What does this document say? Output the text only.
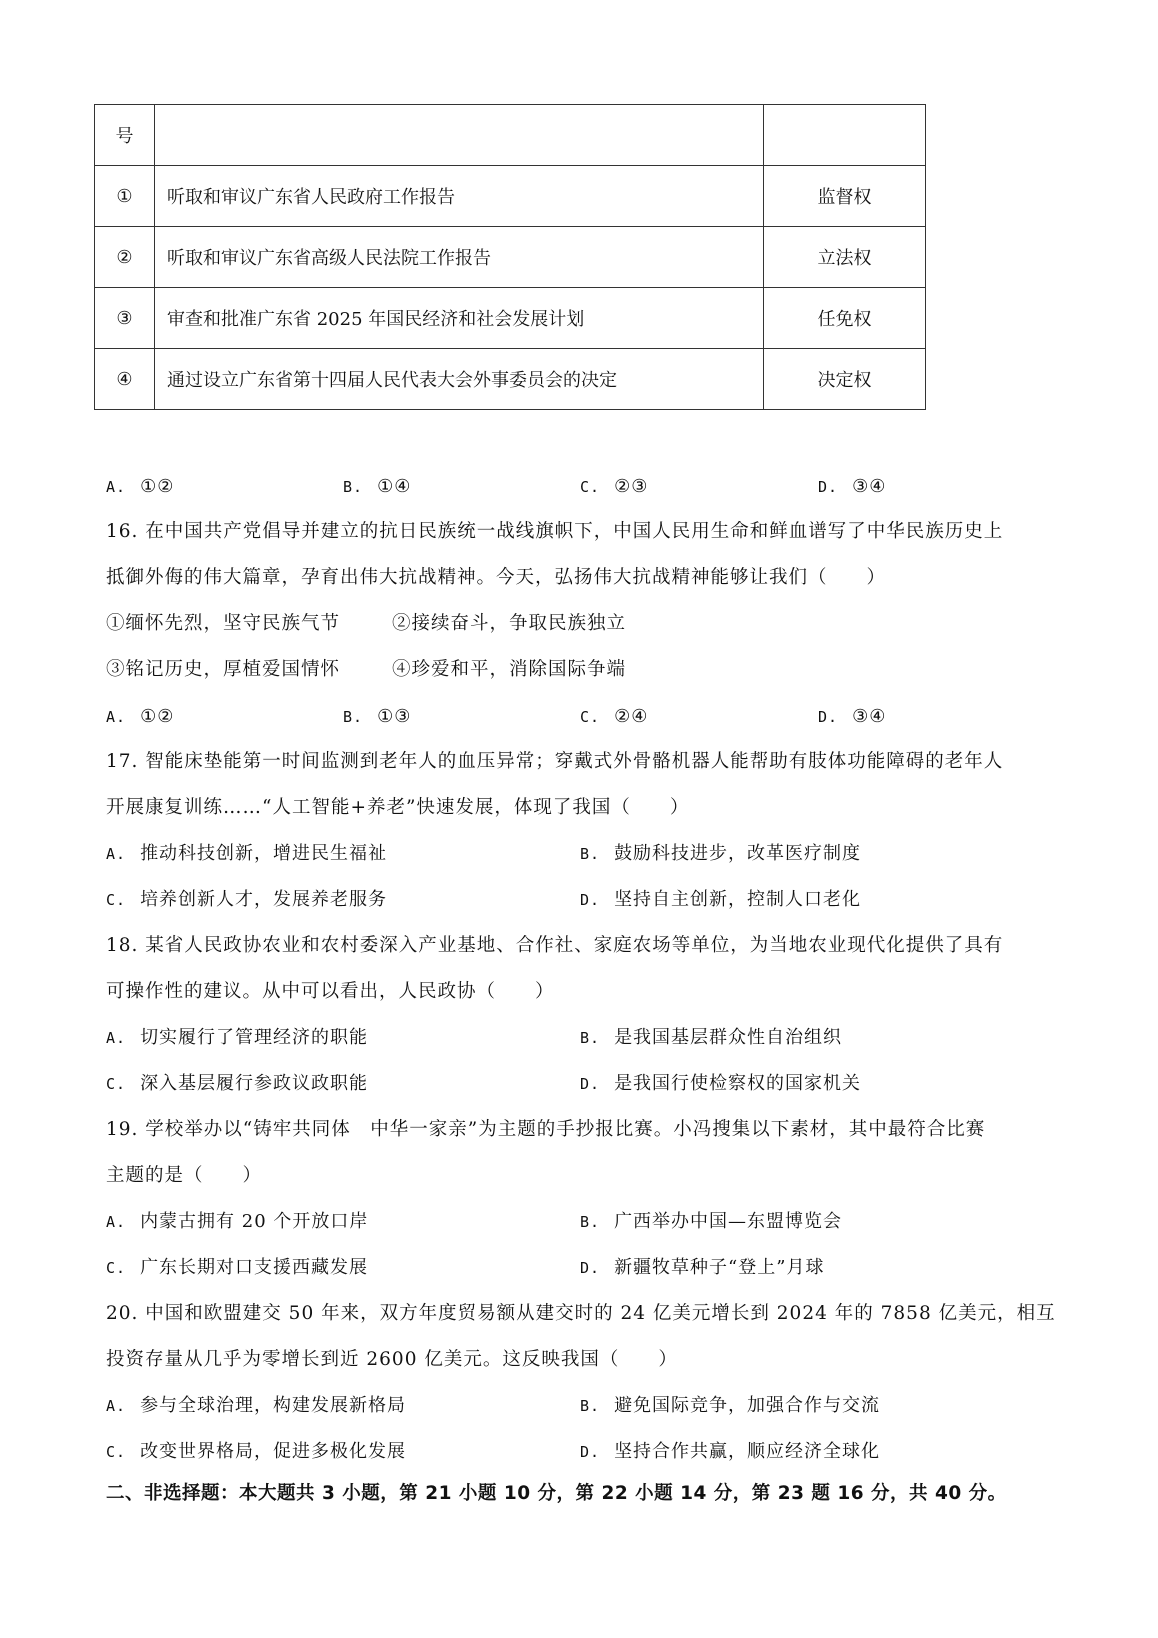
号		
①	听取和审议广东省人民政府工作报告	监督权
②	听取和审议广东省高级人民法院工作报告	立法权
③	审查和批准广东省 2025 年国民经济和社会发展计划	任免权
④	通过设立广东省第十四届人民代表大会外事委员会的决定	决定权
A. ①②	B. ①④	C. ②③	D. ③④
16. 在中国共产党倡导并建立的抗日民族统一战线旗帜下，中国人民用生命和鲜血谱写了中华民族历史上
抵御外侮的伟大篇章，孕育出伟大抗战精神。今天，弘扬伟大抗战精神能够让我们（　　）
①缅怀先烈，坚守民族气节	②接续奋斗，争取民族独立
③铭记历史，厚植爱国情怀	④珍爱和平，消除国际争端
A. ①②	B. ①③	C. ②④	D. ③④
17. 智能床垫能第一时间监测到老年人的血压异常；穿戴式外骨骼机器人能帮助有肢体功能障碍的老年人
开展康复训练……“人工智能+养老”快速发展，体现了我国（　　）
A. 推动科技创新，增进民生福祉	B. 鼓励科技进步，改革医疗制度
C. 培养创新人才，发展养老服务	D. 坚持自主创新，控制人口老化
18. 某省人民政协农业和农村委深入产业基地、合作社、家庭农场等单位，为当地农业现代化提供了具有
可操作性的建议。从中可以看出，人民政协（　　）
A. 切实履行了管理经济的职能	B. 是我国基层群众性自治组织
C. 深入基层履行参政议政职能	D. 是我国行使检察权的国家机关
19. 学校举办以“铸牢共同体　中华一家亲”为主题的手抄报比赛。小冯搜集以下素材，其中最符合比赛
主题的是（　　）
A. 内蒙古拥有 20 个开放口岸	B. 广西举办中国—东盟博览会
C. 广东长期对口支援西藏发展	D. 新疆牧草种子“登上”月球
20. 中国和欧盟建交 50 年来，双方年度贸易额从建交时的 24 亿美元增长到 2024 年的 7858 亿美元，相互
投资存量从几乎为零增长到近 2600 亿美元。这反映我国（　　）
A. 参与全球治理，构建发展新格局	B. 避免国际竞争，加强合作与交流
C. 改变世界格局，促进多极化发展	D. 坚持合作共赢，顺应经济全球化
二、非选择题：本大题共 3 小题，第 21 小题 10 分，第 22 小题 14 分，第 23 题 16 分，共 40 分。
